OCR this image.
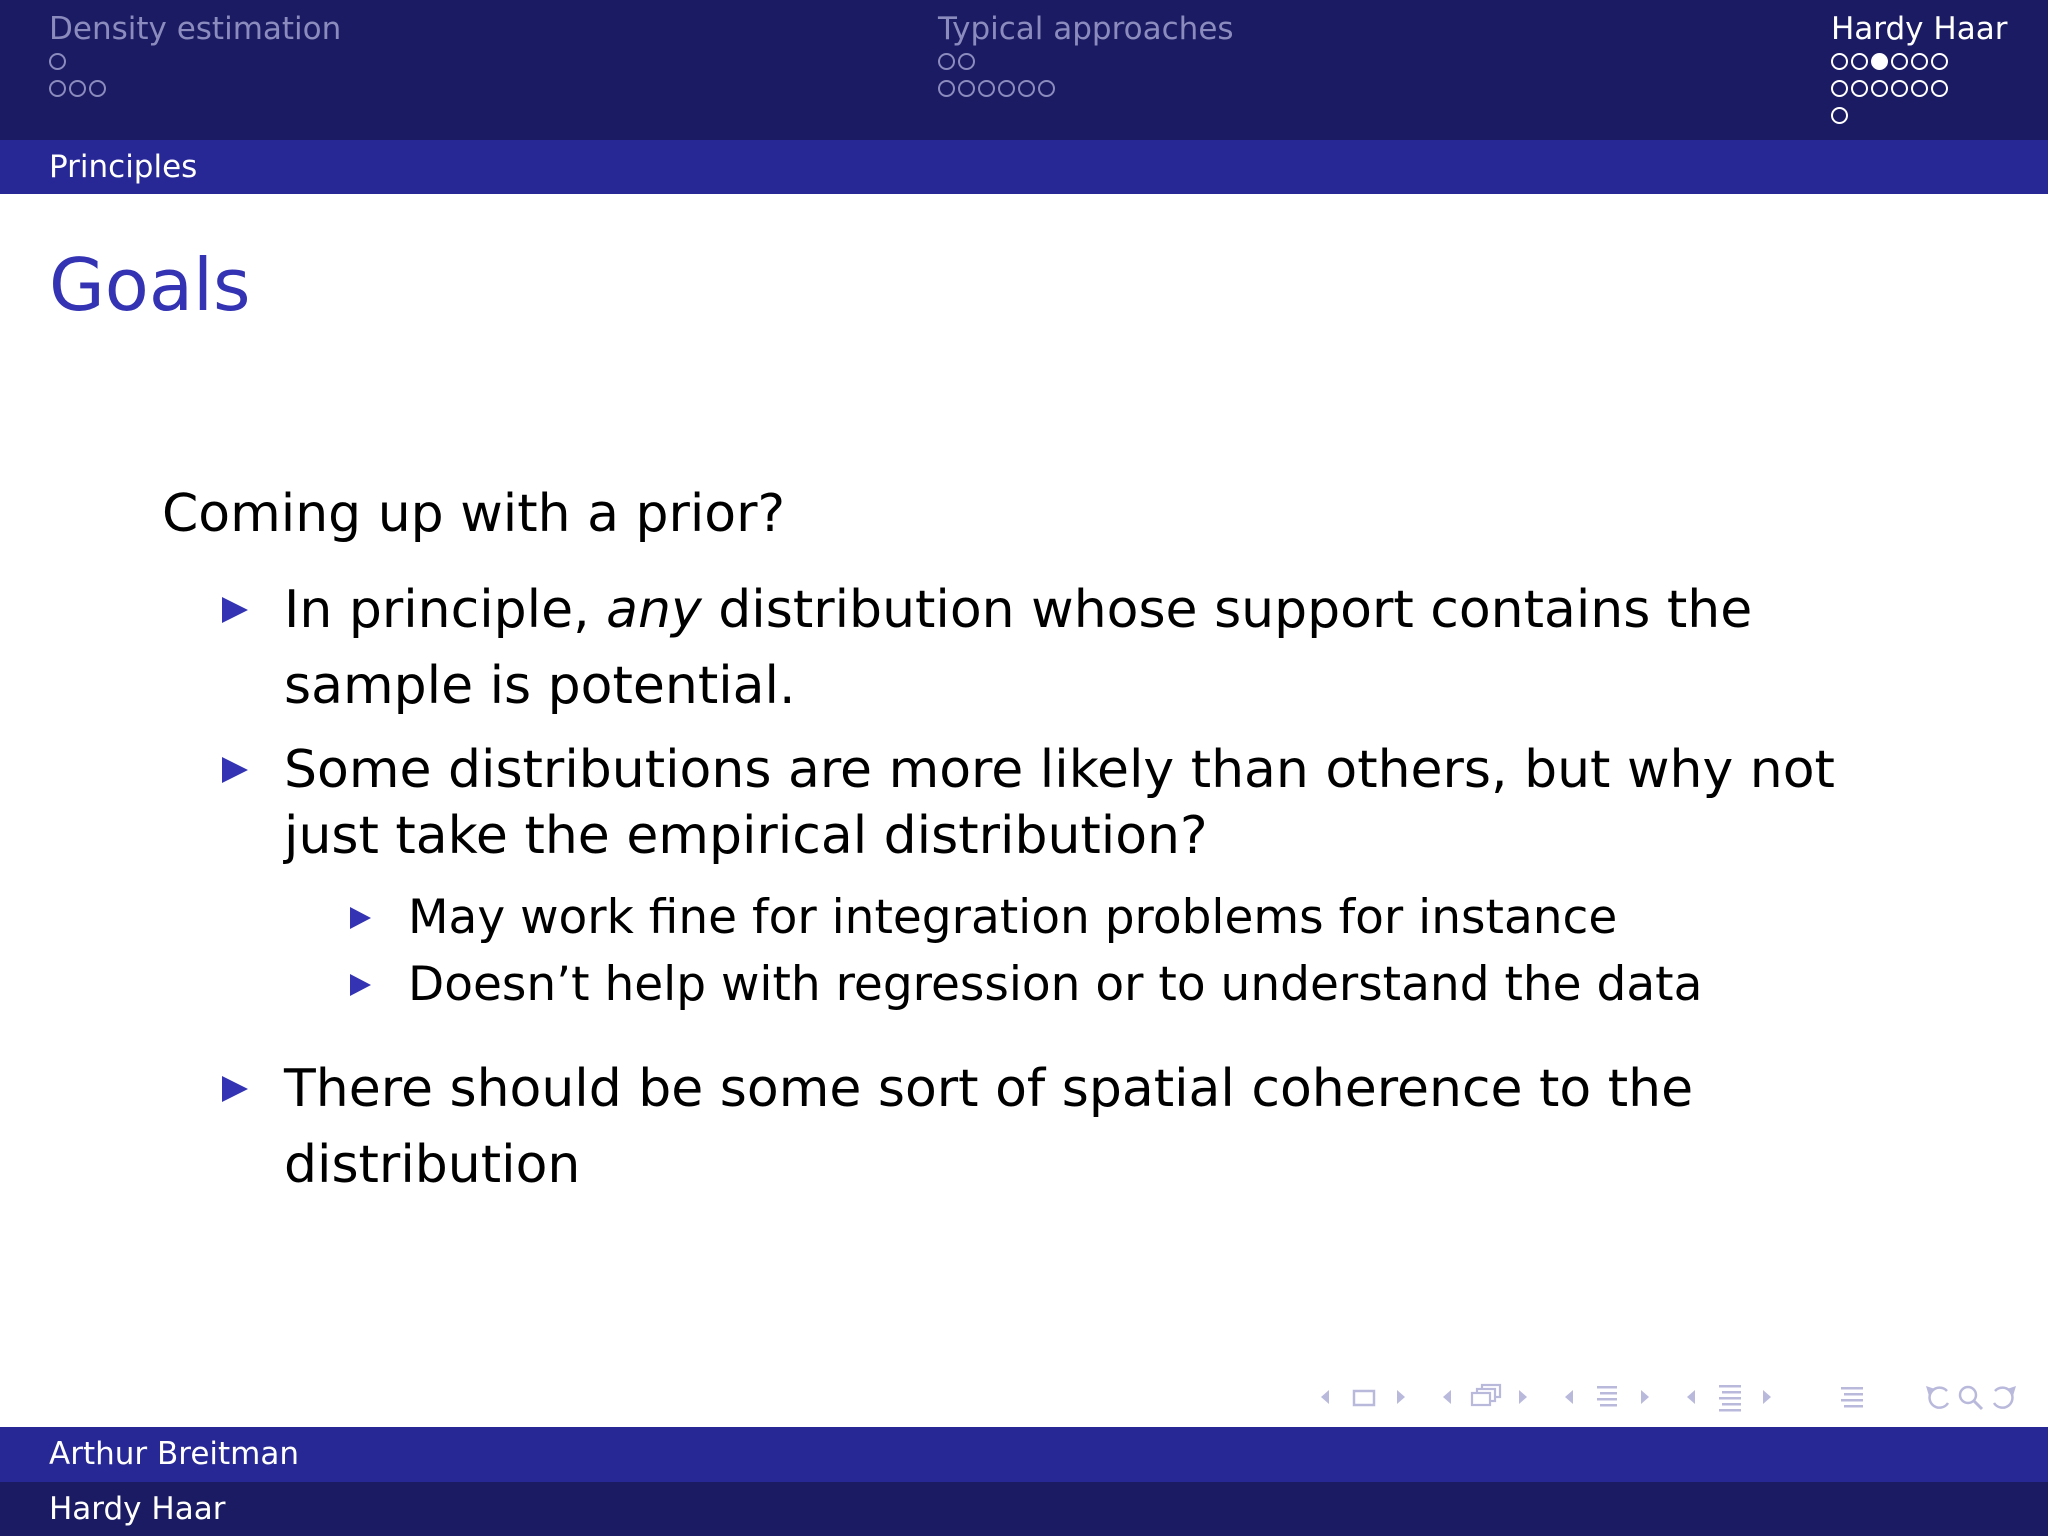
Density estimation	Typical approaches	Hardy Haar
Principles
Goals
Coming up with a prior?
In principle, any distribution whose support contains the
sample is potential.
Some distributions are more likely than others, but why not
just take the empirical distribution?
May work fine for integration problems for instance
Doesn’t help with regression or to understand the data
There should be some sort of spatial coherence to the
distribution
Arthur Breitman
Hardy Haar
